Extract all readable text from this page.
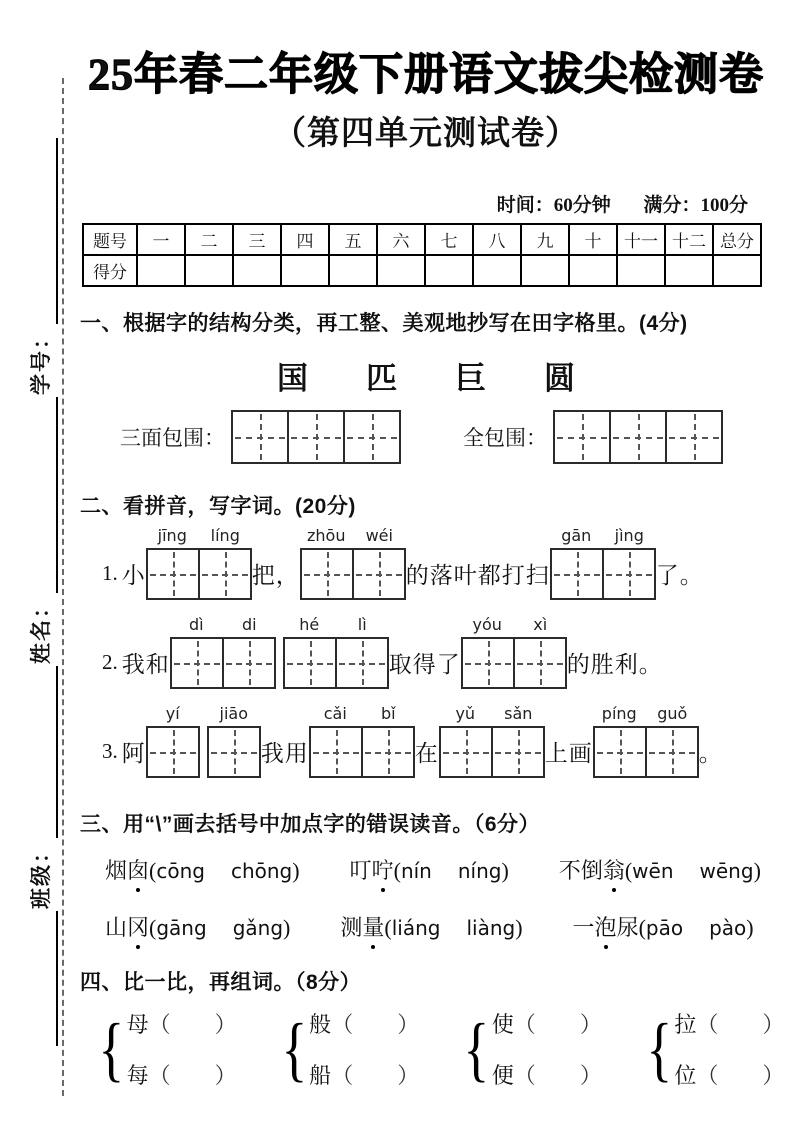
班级：
姓名：
学号：
25年春二年级下册语文拔尖检测卷
（第四单元测试卷）
时间：60分钟 满分：100分
题号	一	二	三	四	五	六	七	八	九	十	十一	十二	总分
得分													

一、根据字的结构分类，再工整、美观地抄写在田字格里。(4分)

国 匹 巨 圆
三面包围：	全包围：

二、看拼音，写字词。(20分)

1. 小
jīng	líng
把，
zhōu	wéi
的落叶都打扫
gān	jìng
了。
2. 我和
dì	di	hé	lì
取得了
yóu	xì
的胜利。
3. 阿
yí	jiāo
我用
cǎi	bǐ
在
yǔ	sǎn
上画
píng	guǒ
。

三、用“\”画去括号中加点字的错误读音。（6分）

烟 囱 ( cōng chōng ) 叮 咛 ( nín níng ) 不 倒 翁 ( wēn wēng )
山 冈 ( gāng gǎng ) 测 量 ( liáng liàng ) 一 泡 尿 ( pāo pào )

四、比一比，再组词。（8分）

{ 母 （ ）
每 （ ） { 般 （ ）
船 （ ） { 使 （ ）
便 （ ） { 拉 （ ）
位 （ ）
